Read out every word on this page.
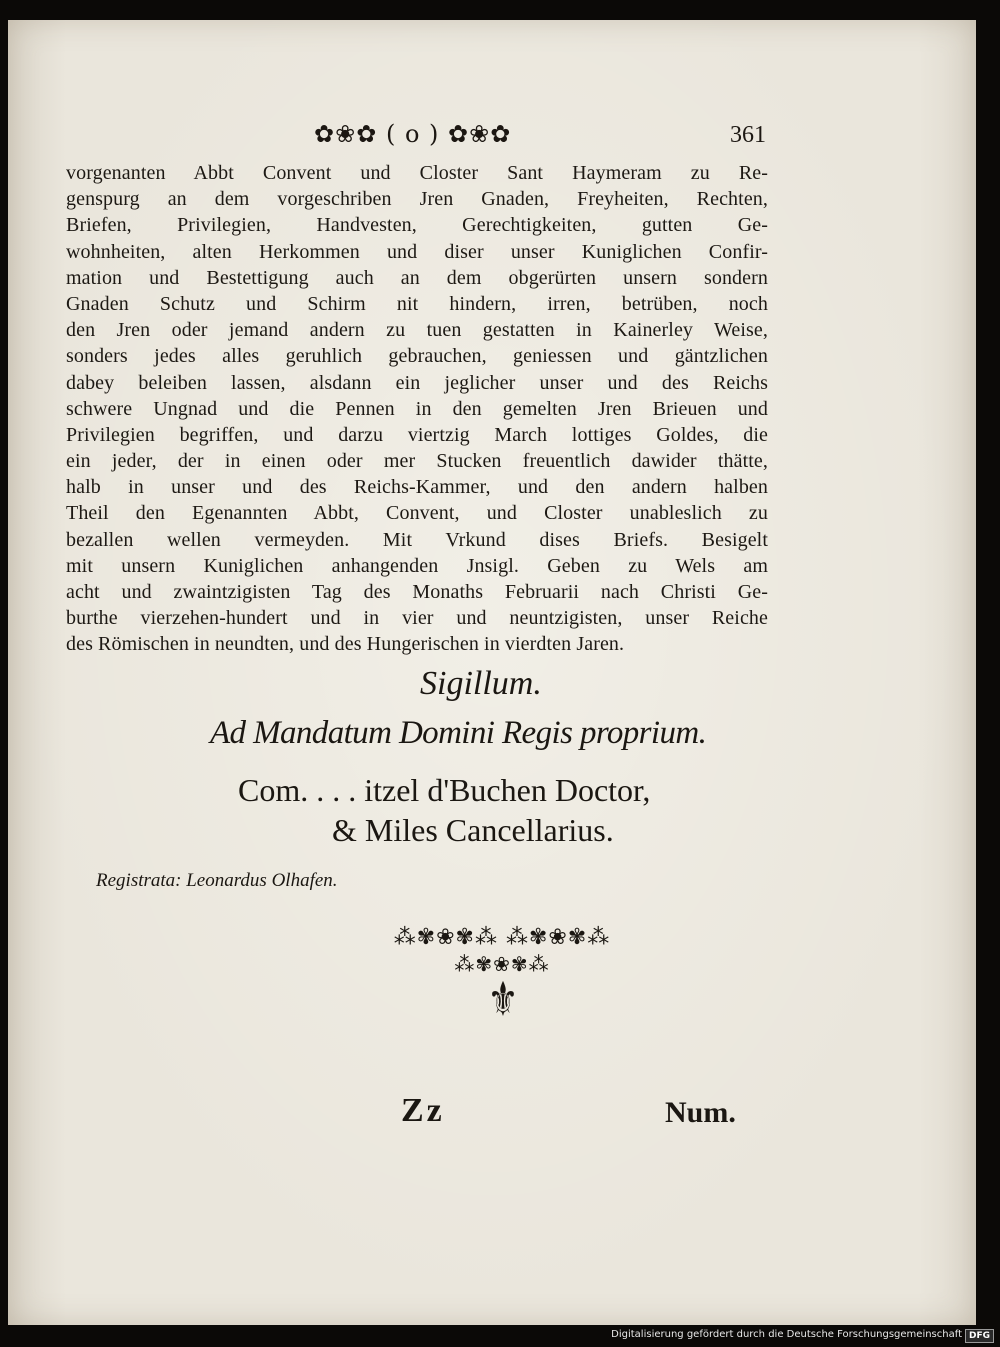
✿❀✿ ( o ) ✿❀✿	361
vorgenanten Abbt Convent und Closter Sant Haymeram zu Re-
genspurg an dem vorgeschriben Jren Gnaden, Freyheiten, Rechten,
Briefen, Privilegien, Handvesten, Gerechtigkeiten, gutten Ge-
wohnheiten, alten Herkommen und diser unser Kuniglichen Confir-
mation und Bestettigung auch an dem obgerürten unsern sondern
Gnaden Schutz und Schirm nit hindern, irren, betrüben, noch
den Jren oder jemand andern zu tuen gestatten in Kainerley Weise,
sonders jedes alles geruhlich gebrauchen, geniessen und gäntzlichen
dabey beleiben lassen, alsdann ein jeglicher unser und des Reichs
schwere Ungnad und die Pennen in den gemelten Jren Brieuen und
Privilegien begriffen, und darzu viertzig March lottiges Goldes, die
ein jeder, der in einen oder mer Stucken freuentlich dawider thätte,
halb in unser und des Reichs-Kammer, und den andern halben
Theil den Egenannten Abbt, Convent, und Closter unableslich zu
bezallen wellen vermeyden. Mit Vrkund dises Briefs. Besigelt
mit unsern Kuniglichen anhangenden Jnsigl. Geben zu Wels am
acht und zwaintzigisten Tag des Monaths Februarii nach Christi Ge-
burthe vierzehen-hundert und in vier und neuntzigisten, unser Reiche
des Römischen in neundten, und des Hungerischen in vierdten Jaren.
Sigillum.
Ad Mandatum Domini Regis proprium.
Com. . . . itzel d'Buchen Doctor,
& Miles Cancellarius.
Registrata: Leonardus Olhafen.
⁂✾❀✾⁂ ⁂✾❀✾⁂
⁂✾❀✾⁂
⚜
Zz	Num.
Digitalisierung gefördert durch die Deutsche Forschungsgemeinschaft DFG
